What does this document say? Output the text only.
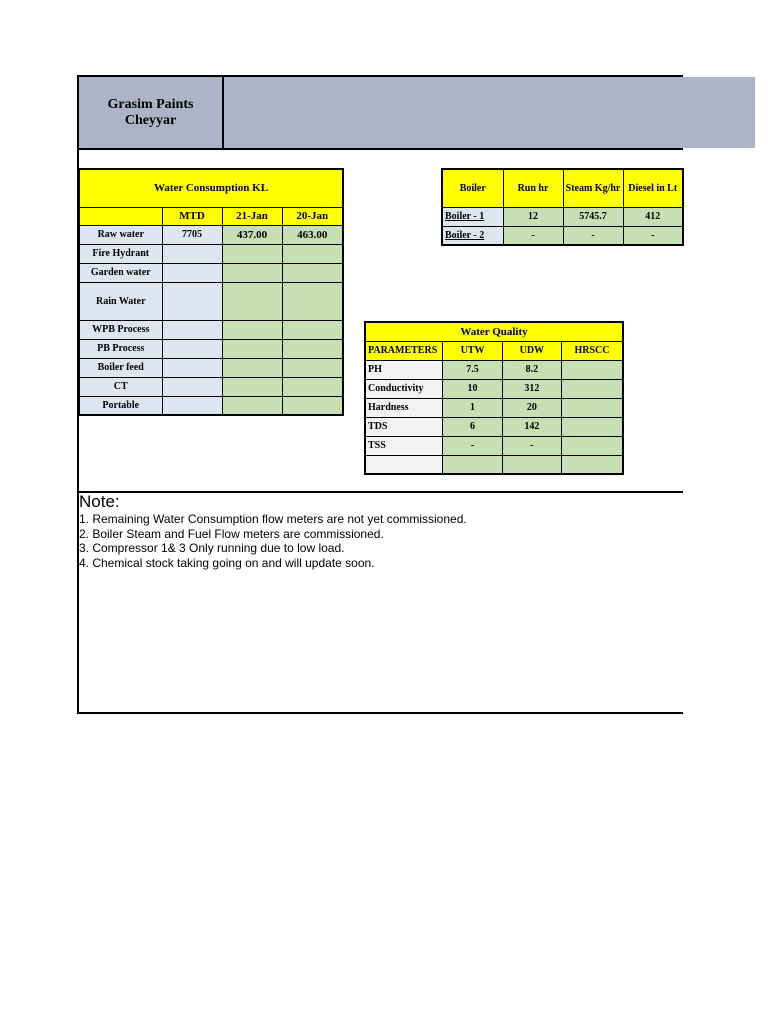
Grasim Paints
Cheyyar
Water Consumption KL			
	MTD	21-Jan	20-Jan
Raw water	7705	437.00	463.00
Fire Hydrant			
Garden water			
Rain Water			
WPB Process			
PB Process			
Boiler feed			
CT			
Portable			
Boiler	Run hr	Steam Kg/hr	Diesel in Lt
Boiler - 1	12	5745.7	412
Boiler - 2	-	-	-
Water Quality			
PARAMETERS	UTW	UDW	HRSCC
PH	7.5	8.2	
Conductivity	10	312	
Hardness	1	20	
TDS	6	142	
TSS	-	-	

Note:
1. Remaining Water Consumption flow meters are not yet commissioned.
2. Boiler Steam and Fuel Flow meters are commissioned.
3. Compressor 1& 3 Only running due to low load.
4. Chemical stock taking going on and will update soon.
